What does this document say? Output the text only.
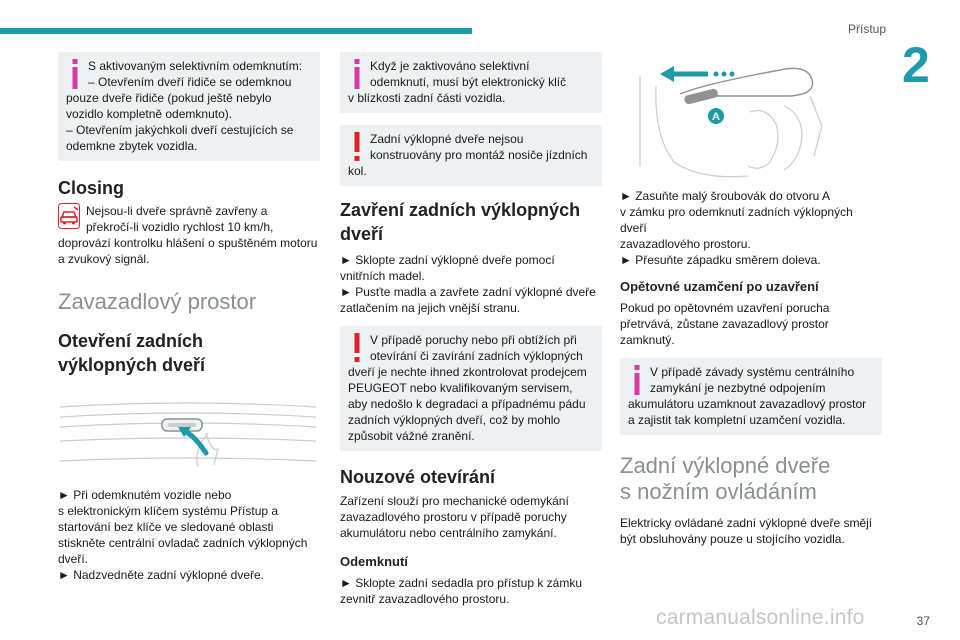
Přístup
2

S aktivovaným selektivním odemknutím:

– Otevřením dveří řidiče se odemknou

pouze dveře řidiče (pokud ještě nebylo

vozidlo kompletně odemknuto).

– Otevřením jakýchkoli dveří cestujících se

odemkne zbytek vozidla.

Closing

Nejsou-li dveře správně zavřeny a

překročí-li vozidlo rychlost 10 km/h,

doprovází kontrolku hlášení o spuštěném motoru

a zvukový signál.

Zavazadlový prostor
Otevření zadních
výklopných dveří

► Při odemknutém vozidle nebo

s elektronickým klíčem systému Přístup a

startování bez klíče ve sledované oblasti

stiskněte centrální ovladač zadních výklopných

dveří.

► Nadzvedněte zadní výklopné dveře.

Když je zaktivováno selektivní

odemknutí, musí být elektronický klíč

v blízkosti zadní části vozidla.

Zadní výklopné dveře nejsou

konstruovány pro montáž nosiče jízdních

kol.

Zavření zadních výklopných
dveří

► Sklopte zadní výklopné dveře pomocí

vnitřních madel.

► Pusťte madla a zavřete zadní výklopné dveře

zatlačením na jejich vnější stranu.

V případě poruchy nebo při obtížích při

otevírání či zavírání zadních výklopných

dveří je nechte ihned zkontrolovat prodejcem

PEUGEOT nebo kvalifikovaným servisem,

aby nedošlo k degradaci a případnému pádu

zadních výklopných dveří, což by mohlo

způsobit vážné zranění.

Nouzové otevírání

Zařízení slouží pro mechanické odemykání

zavazadlového prostoru v případě poruchy

akumulátoru nebo centrálního zamykání.

Odemknutí

► Sklopte zadní sedadla pro přístup k zámku

zevnitř zavazadlového prostoru.

A

► Zasuňte malý šroubovák do otvoru A

v zámku pro odemknutí zadních výklopných dveří

zavazadlového prostoru.

► Přesuňte západku směrem doleva.

Opětovné uzamčení po uzavření

Pokud po opětovném uzavření porucha

přetrvává, zůstane zavazadlový prostor

zamknutý.

V případě závady systému centrálního

zamykání je nezbytné odpojením

akumulátoru uzamknout zavazadlový prostor

a zajistit tak kompletní uzamčení vozidla.

Zadní výklopné dveře
s nožním ovládáním

Elektricky ovládané zadní výklopné dveře smějí

být obsluhovány pouze u stojícího vozidla.

carmanualsonline.info	37
